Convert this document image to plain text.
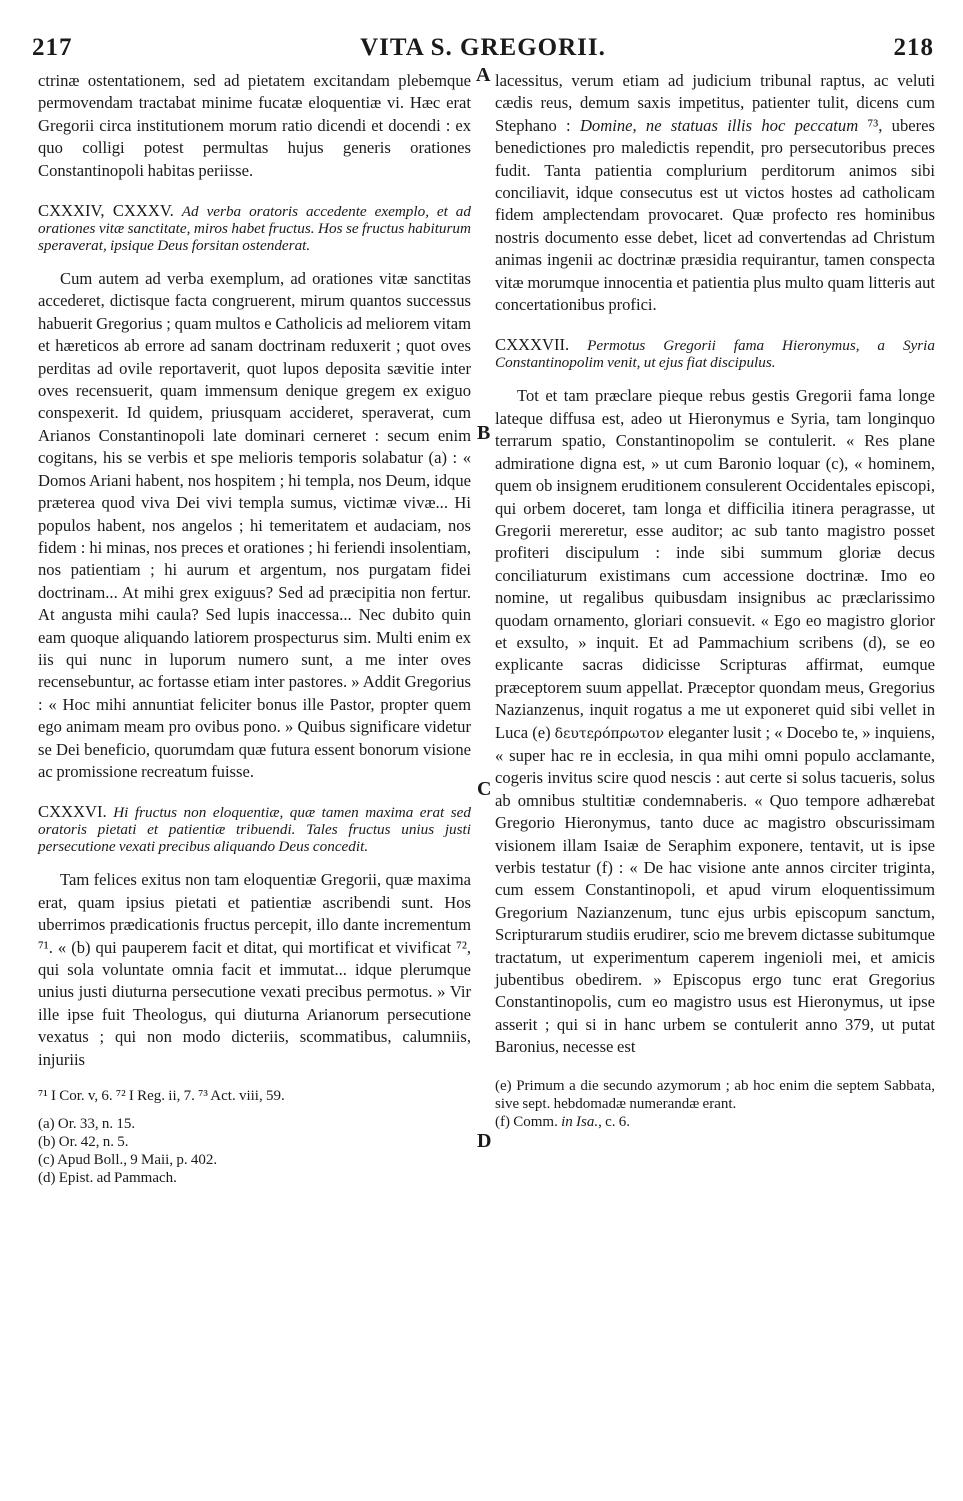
217	VITA S. GREGORII.	218
A
B
C
D

ctrinæ ostentationem, sed ad pietatem excitandam plebemque permovendam tractabat minime fucatæ eloquentiæ vi. Hæc erat Gregorii circa institutionem morum ratio dicendi et docendi : ex quo colligi potest permultas hujus generis orationes Constantinopoli habitas periisse.

CXXXIV, CXXXV. Ad verba oratoris accedente exemplo, et ad orationes vitæ sanctitate, miros habet fructus. Hos se fructus habiturum speraverat, ipsique Deus forsitan ostenderat.

Cum autem ad verba exemplum, ad orationes vitæ sanctitas accederet, dictisque facta congruerent, mirum quantos successus habuerit Gregorius ; quam multos e Catholicis ad meliorem vitam et hæreticos ab errore ad sanam doctrinam reduxerit ; quot oves perditas ad ovile reportaverit, quot lupos deposita sævitie inter oves recensuerit, quam immensum denique gregem ex exiguo conspexerit. Id quidem, priusquam accideret, speraverat, cum Arianos Constantinopoli late dominari cerneret : secum enim cogitans, his se verbis et spe melioris temporis solabatur (a) : « Domos Ariani habent, nos hospitem ; hi templa, nos Deum, idque præterea quod viva Dei vivi templa sumus, victimæ vivæ... Hi populos habent, nos angelos ; hi temeritatem et audaciam, nos fidem : hi minas, nos preces et orationes ; hi feriendi insolentiam, nos patientiam ; hi aurum et argentum, nos purgatam fidei doctrinam... At mihi grex exiguus? Sed ad præcipitia non fertur. At angusta mihi caula? Sed lupis inaccessa... Nec dubito quin eam quoque aliquando latiorem prospecturus sim. Multi enim ex iis qui nunc in luporum numero sunt, a me inter oves recensebuntur, ac fortasse etiam inter pastores. » Addit Gregorius : « Hoc mihi annuntiat feliciter bonus ille Pastor, propter quem ego animam meam pro ovibus pono. » Quibus significare videtur se Dei beneficio, quorumdam quæ futura essent bonorum visione ac promissione recreatum fuisse.

CXXXVI. Hi fructus non eloquentiæ, quæ tamen maxima erat sed oratoris pietati et patientiæ tribuendi. Tales fructus unius justi persecutione vexati precibus aliquando Deus concedit.

Tam felices exitus non tam eloquentiæ Gregorii, quæ maxima erat, quam ipsius pietati et patientiæ ascribendi sunt. Hos uberrimos prædicationis fructus percepit, illo dante incrementum ⁷¹. « (b) qui pauperem facit et ditat, qui mortificat et vivificat ⁷², qui sola voluntate omnia facit et immutat... idque plerumque unius justi diuturna persecutione vexati precibus permotus. » Vir ille ipse fuit Theologus, qui diuturna Arianorum persecutione vexatus ; qui non modo dicteriis, scommatibus, calumniis, injuriis

⁷¹ I Cor. v, 6. ⁷² I Reg. ii, 7. ⁷³ Act. viii, 59.
(a) Or. 33, n. 15.
(b) Or. 42, n. 5.
(c) Apud Boll., 9 Maii, p. 402.
(d) Epist. ad Pammach.

lacessitus, verum etiam ad judicium tribunal raptus, ac veluti cædis reus, demum saxis impetitus, patienter tulit, dicens cum Stephano : Domine, ne statuas illis hoc peccatum ⁷³, uberes benedictiones pro maledictis rependit, pro persecutoribus preces fudit. Tanta patientia complurium perditorum animos sibi conciliavit, idque consecutus est ut victos hostes ad catholicam fidem amplectendam provocaret. Quæ profecto res hominibus nostris documento esse debet, licet ad convertendas ad Christum animas ingenii ac doctrinæ præsidia requirantur, tamen conspecta vitæ morumque innocentia et patientia plus multo quam litteris aut concertationibus profici.

CXXXVII. Permotus Gregorii fama Hieronymus, a Syria Constantinopolim venit, ut ejus fiat discipulus.

Tot et tam præclare pieque rebus gestis Gregorii fama longe lateque diffusa est, adeo ut Hieronymus e Syria, tam longinquo terrarum spatio, Constantinopolim se contulerit. « Res plane admiratione digna est, » ut cum Baronio loquar (c), « hominem, quem ob insignem eruditionem consulerent Occidentales episcopi, qui orbem doceret, tam longa et difficilia itinera peragrasse, ut Gregorii mereretur, esse auditor; ac sub tanto magistro posset profiteri discipulum : inde sibi summum gloriæ decus conciliaturum existimans cum accessione doctrinæ. Imo eo nomine, ut regalibus quibusdam insignibus ac præclarissimo quodam ornamento, gloriari consuevit. « Ego eo magistro glorior et exsulto, » inquit. Et ad Pammachium scribens (d), se eo explicante sacras didicisse Scripturas affirmat, eumque præceptorem suum appellat. Præceptor quondam meus, Gregorius Nazianzenus, inquit rogatus a me ut exponeret quid sibi vellet in Luca (e) δευτερόπρωτον eleganter lusit ; « Docebo te, » inquiens, « super hac re in ecclesia, in qua mihi omni populo acclamante, cogeris invitus scire quod nescis : aut certe si solus tacueris, solus ab omnibus stultitiæ condemnaberis. « Quo tempore adhærebat Gregorio Hieronymus, tanto duce ac magistro obscurissimam visionem illam Isaiæ de Seraphim exponere, tentavit, ut is ipse verbis testatur (f) : « De hac visione ante annos circiter triginta, cum essem Constantinopoli, et apud virum eloquentissimum Gregorium Nazianzenum, tunc ejus urbis episcopum sanctum, Scripturarum studiis erudirer, scio me brevem dictasse subitumque tractatum, ut experimentum caperem ingenioli mei, et amicis jubentibus obedirem. » Episcopus ergo tunc erat Gregorius Constantinopolis, cum eo magistro usus est Hieronymus, ut ipse asserit ; qui si in hanc urbem se contulerit anno 379, ut putat Baronius, necesse est

(e) Primum a die secundo azymorum ; ab hoc enim die septem Sabbata, sive sept. hebdomadæ numerandæ erant.
(f) Comm. in Isa., c. 6.
